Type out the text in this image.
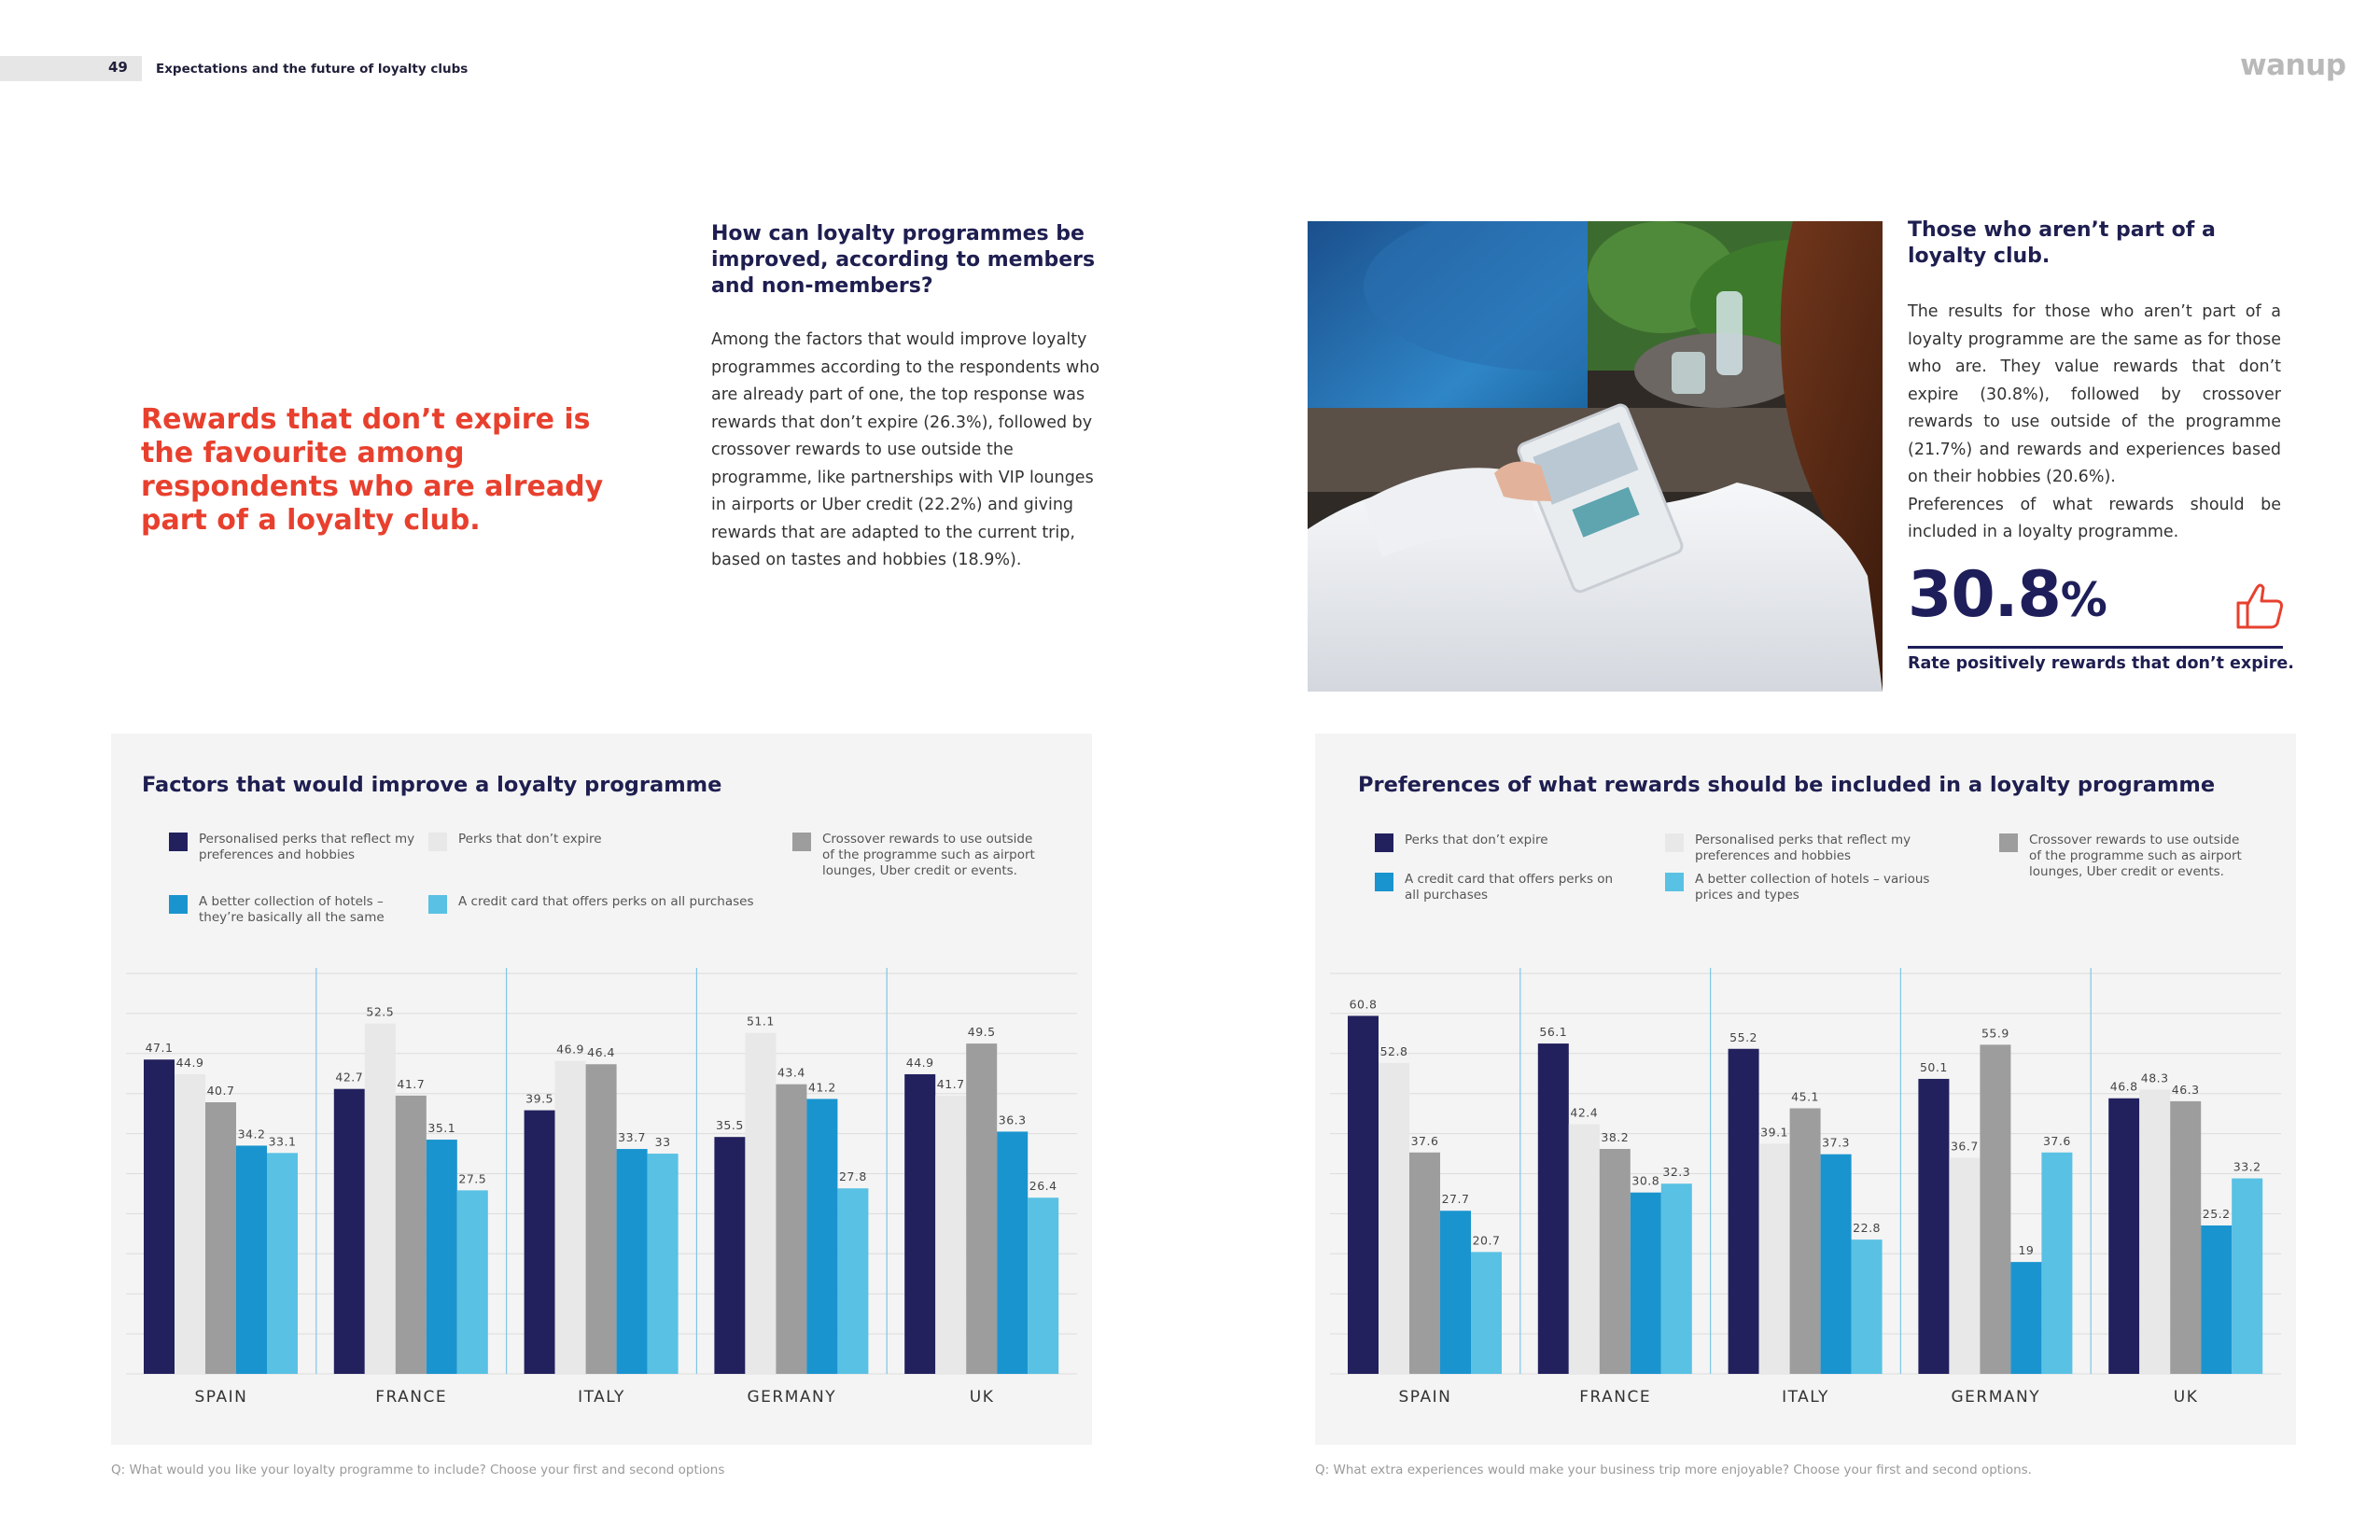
49 Expectations and the future of loyalty clubs	wanup
Rewards that don’t expire is the favourite among respondents who are already part of a loyalty club.
How can loyalty programmes be improved, according to members and non-members?
Among the factors that would improve loyalty programmes according to the respondents who are already part of one, the top response was rewards that don’t expire (26.3%), followed by crossover rewards to use outside the programme, like partnerships with VIP lounges in airports or Uber credit (22.2%) and giving rewards that are adapted to the current trip, based on tastes and hobbies (18.9%).
Those who aren’t part of a loyalty club.

The results for those who aren’t part of a loyalty programme are the same as for those who are. They value rewards that don’t expire (30.8%), followed by crossover rewards to use outside of the programme (21.7%) and rewards and experiences based on their hobbies (20.6%).

Preferences of what rewards should be included in a loyalty programme.

30.8%
Rate positively rewards that don’t expire.
Factors that would improve a loyalty programme
Personalised perks that reflect my preferences and hobbies
Perks that don’t expire	Crossover rewards to use outside of the programme such as airport lounges, Uber credit or events.
A better collection of hotels – they’re basically all the same
A credit card that offers perks on all purchases
47.1
44.9
40.7
34.2
33.1
SPAIN
42.7
52.5
41.7
35.1
27.5
FRANCE
39.5
46.9 46.4
33.7 33
ITALY
35.5
51.1
43.4
41.2
27.8
GERMANY
44.9
41.7
49.5
36.3
26.4
UK
Q: What would you like your loyalty programme to include? Choose your first and second options
Preferences of what rewards should be included in a loyalty programme
Perks that don’t expire	Personalised perks that reflect my preferences and hobbies
Crossover rewards to use outside of the programme such as airport lounges, Uber credit or events.
A credit card that offers perks on all purchases
A better collection of hotels – various prices and types
60.8
52.8
37.6
27.7
20.7
SPAIN
56.1
42.4
38.2
30.8
32.3
FRANCE
55.2
39.1
45.1
37.3
22.8
ITALY
50.1
36.7
55.9
19
37.6
GERMANY
46.8
48.3
46.3
25.2
33.2
UK
Q: What extra experiences would make your business trip more enjoyable? Choose your first and second options.
